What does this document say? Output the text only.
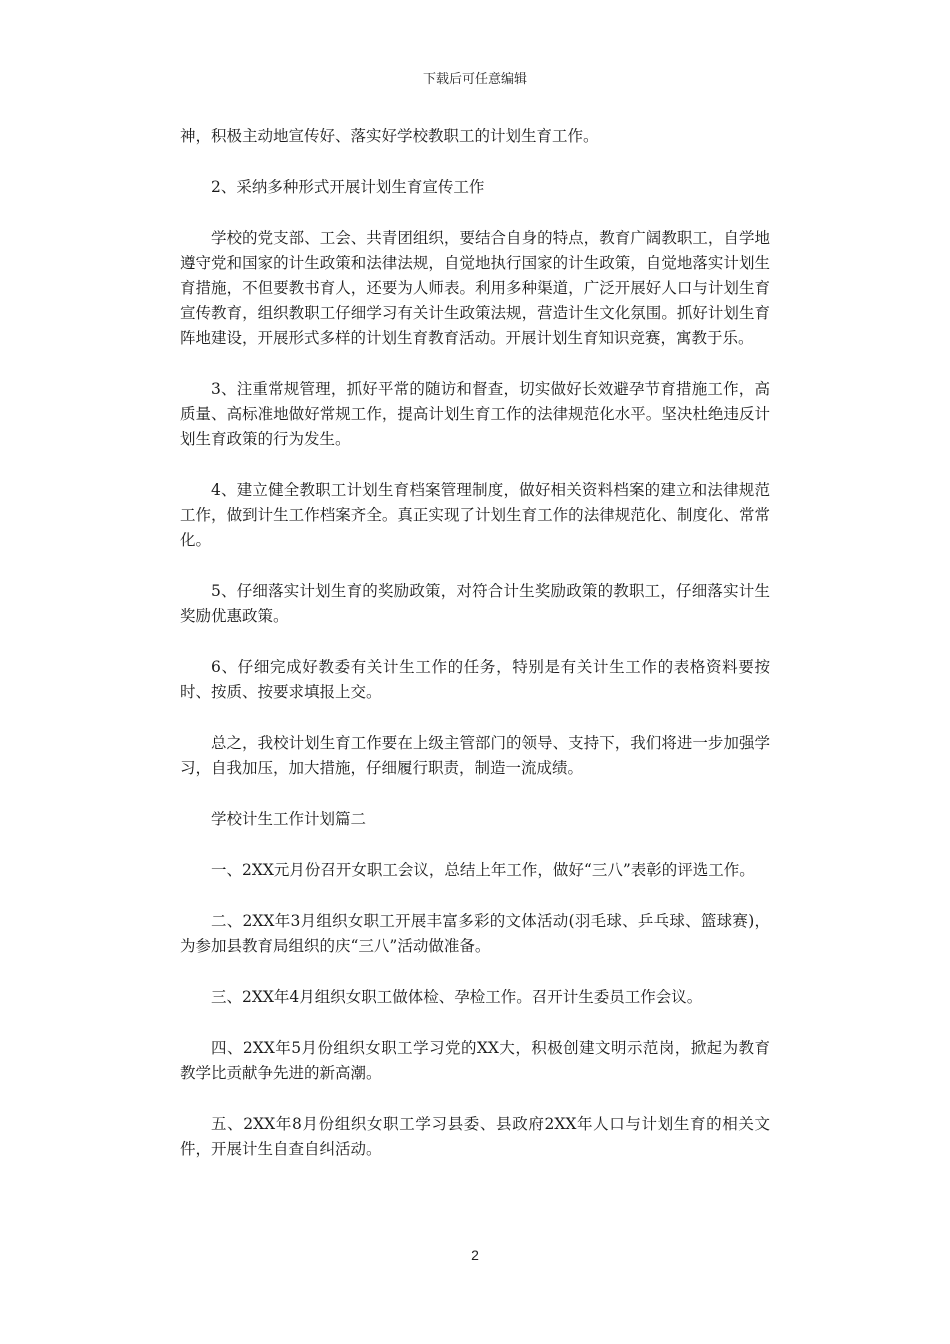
下载后可任意编辑

神，积极主动地宣传好、落实好学校教职工的计划生育工作。

2、采纳多种形式开展计划生育宣传工作

学校的党支部、工会、共青团组织，要结合自身的特点，教育广阔教职工，自学地遵守党和国家的计生政策和法律法规，自觉地执行国家的计生政策，自觉地落实计划生育措施，不但要教书育人，还要为人师表。利用多种渠道，广泛开展好人口与计划生育宣传教育，组织教职工仔细学习有关计生政策法规，营造计生文化氛围。抓好计划生育阵地建设，开展形式多样的计划生育教育活动。开展计划生育知识竞赛，寓教于乐。

3、注重常规管理，抓好平常的随访和督查，切实做好长效避孕节育措施工作，高质量、高标准地做好常规工作，提高计划生育工作的法律规范化水平。坚决杜绝违反计划生育政策的行为发生。

4、建立健全教职工计划生育档案管理制度，做好相关资料档案的建立和法律规范工作，做到计生工作档案齐全。真正实现了计划生育工作的法律规范化、制度化、常常化。

5、仔细落实计划生育的奖励政策，对符合计生奖励政策的教职工，仔细落实计生奖励优惠政策。

6、仔细完成好教委有关计生工作的任务，特别是有关计生工作的表格资料要按时、按质、按要求填报上交。

总之，我校计划生育工作要在上级主管部门的领导、支持下，我们将进一步加强学习，自我加压，加大措施，仔细履行职责，制造一流成绩。

学校计生工作计划篇二

一、2XX元月份召开女职工会议，总结上年工作，做好“三八”表彰的评选工作。

二、2XX年3月组织女职工开展丰富多彩的文体活动(羽毛球、乒乓球、篮球赛)，为参加县教育局组织的庆“三八”活动做准备。

三、2XX年4月组织女职工做体检、孕检工作。召开计生委员工作会议。

四、2XX年5月份组织女职工学习党的XX大，积极创建文明示范岗，掀起为教育教学比贡献争先进的新高潮。

五、2XX年8月份组织女职工学习县委、县政府2XX年人口与计划生育的相关文件，开展计生自查自纠活动。

2
